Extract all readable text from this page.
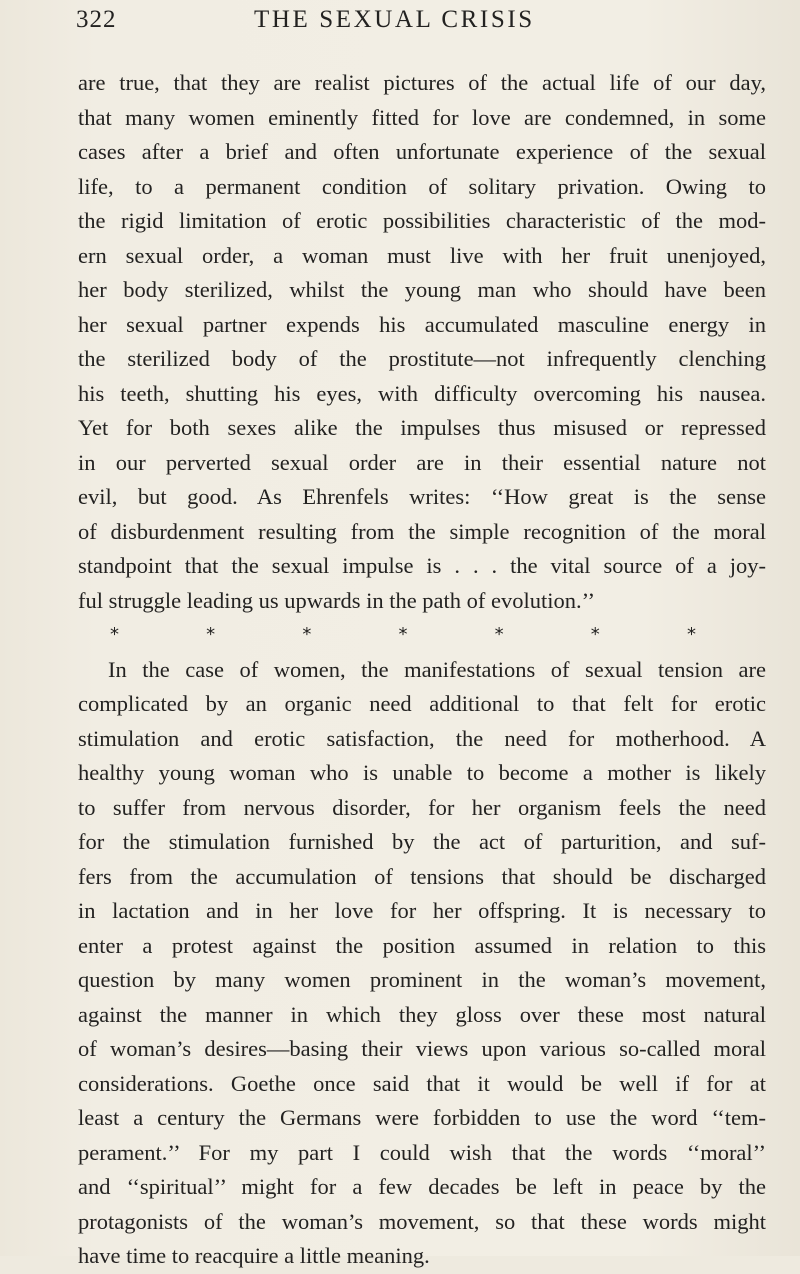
322	THE SEXUAL CRISIS
are true, that they are realist pictures of the actual life of our day,
that many women eminently fitted for love are condemned, in some
cases after a brief and often unfortunate experience of the sexual
life, to a permanent condition of solitary privation. Owing to
the rigid limitation of erotic possibilities characteristic of the mod-
ern sexual order, a woman must live with her fruit unenjoyed,
her body sterilized, whilst the young man who should have been
her sexual partner expends his accumulated masculine energy in
the sterilized body of the prostitute—not infrequently clenching
his teeth, shutting his eyes, with difficulty overcoming his nausea.
Yet for both sexes alike the impulses thus misused or repressed
in our perverted sexual order are in their essential nature not
evil, but good. As Ehrenfels writes: ‘‘How great is the sense
of disburdenment resulting from the simple recognition of the moral
standpoint that the sexual impulse is . . . the vital source of a joy-
ful struggle leading us upwards in the path of evolution.’’
*	*	*	*	*	*	*
In the case of women, the manifestations of sexual tension are
complicated by an organic need additional to that felt for erotic
stimulation and erotic satisfaction, the need for motherhood. A
healthy young woman who is unable to become a mother is likely
to suffer from nervous disorder, for her organism feels the need
for the stimulation furnished by the act of parturition, and suf-
fers from the accumulation of tensions that should be discharged
in lactation and in her love for her offspring. It is necessary to
enter a protest against the position assumed in relation to this
question by many women prominent in the woman’s movement,
against the manner in which they gloss over these most natural
of woman’s desires—basing their views upon various so-called moral
considerations. Goethe once said that it would be well if for at
least a century the Germans were forbidden to use the word ‘‘tem-
perament.’’ For my part I could wish that the words ‘‘moral’’
and ‘‘spiritual’’ might for a few decades be left in peace by the
protagonists of the woman’s movement, so that these words might
have time to reacquire a little meaning.
